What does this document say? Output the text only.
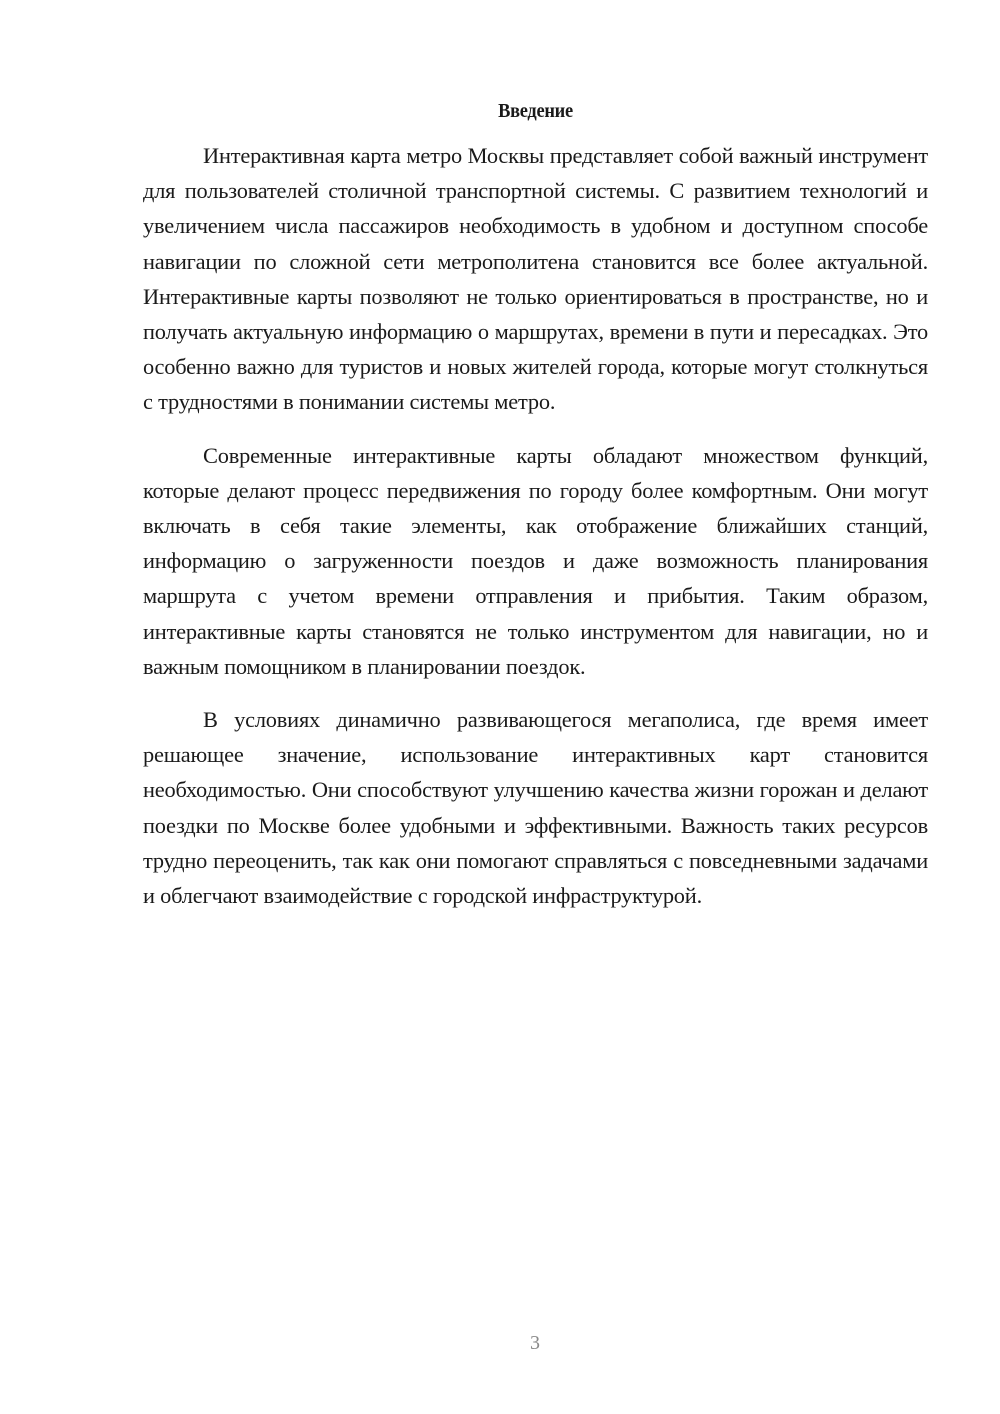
Введение

Интерактивная карта метро Москвы представляет собой важный инструмент для пользователей столичной транспортной системы. С развитием технологий и увеличением числа пассажиров необходимость в удобном и доступном способе навигации по сложной сети метрополитена становится все более актуальной. Интерактивные карты позволяют не только ориентироваться в пространстве, но и получать актуальную информацию о маршрутах, времени в пути и пересадках. Это особенно важно для туристов и новых жителей города, которые могут столкнуться с трудностями в понимании системы метро.

Современные интерактивные карты обладают множеством функций, которые делают процесс передвижения по городу более комфортным. Они могут включать в себя такие элементы, как отображение ближайших станций, информацию о загруженности поездов и даже возможность планирования маршрута с учетом времени отправления и прибытия. Таким образом, интерактивные карты становятся не только инструментом для навигации, но и важным помощником в планировании поездок.

В условиях динамично развивающегося мегаполиса, где время имеет решающее значение, использование интерактивных карт становится необходимостью. Они способствуют улучшению качества жизни горожан и делают поездки по Москве более удобными и эффективными. Важность таких ресурсов трудно переоценить, так как они помогают справляться с повседневными задачами и облегчают взаимодействие с городской инфраструктурой.

3
